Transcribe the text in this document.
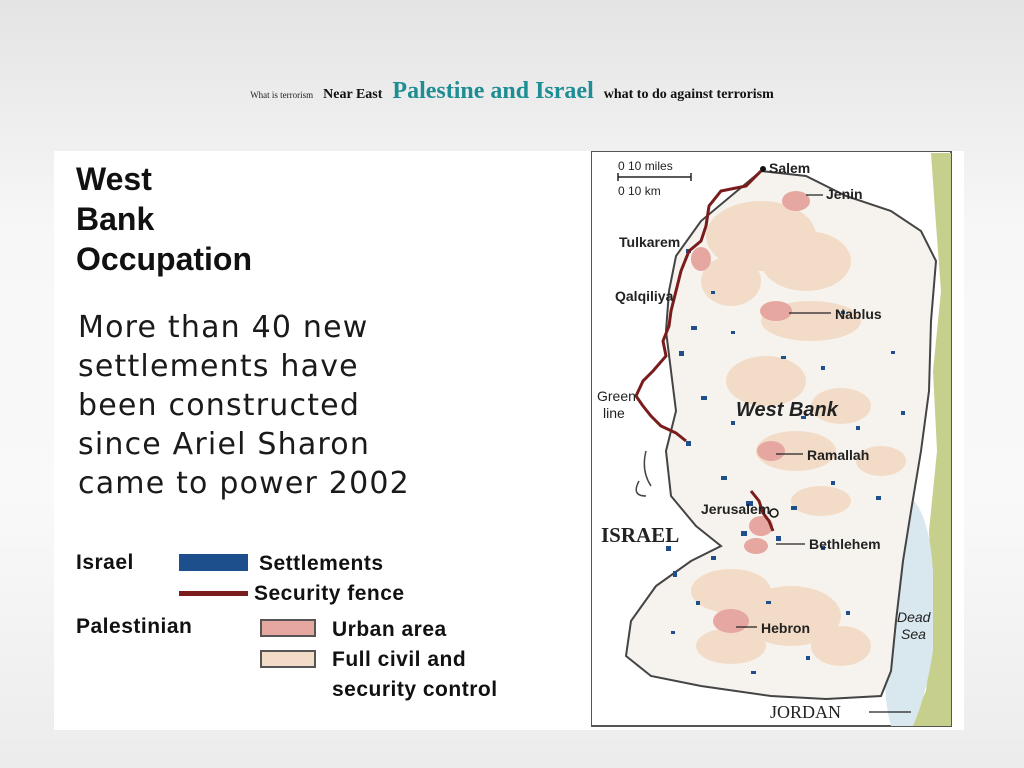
What is terrorism Near East Palestine and Israel what to do against terrorism
West
Bank
Occupation
More than 40 new
settlements have
been constructed
since Ariel Sharon
came to power 2002
Israel	Settlements
Security fence
Palestinian	Urban area
Full civil and
security control
0 10 miles
0 10 km
Salem
Jenin
Tulkarem
Qalqiliya
Nablus
Ramallah
Jerusalem
Bethlehem
Hebron
Green
line	West Bank
ISRAEL
Dead
Sea
JORDAN
